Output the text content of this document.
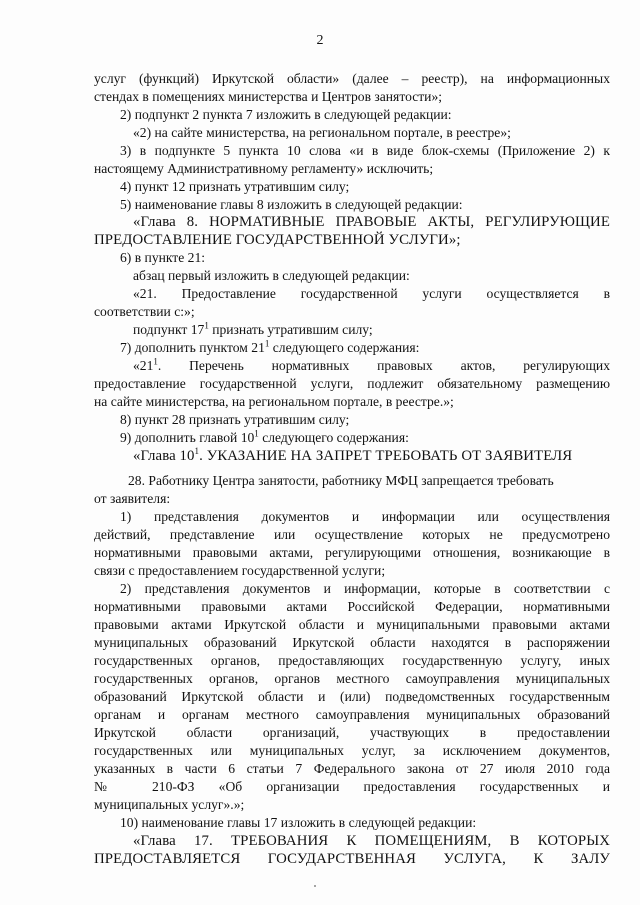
2
услуг (функций) Иркутской области» (далее – реестр), на информационных
стендах в помещениях министерства и Центров занятости»;
2) подпункт 2 пункта 7 изложить в следующей редакции:
«2) на сайте министерства, на региональном портале, в реестре»;
3) в подпункте 5 пункта 10 слова «и в виде блок-схемы (Приложение 2) к
настоящему Административному регламенту» исключить;
4) пункт 12 признать утратившим силу;
5) наименование главы 8 изложить в следующей редакции:
«Глава 8. НОРМАТИВНЫЕ ПРАВОВЫЕ АКТЫ, РЕГУЛИРУЮЩИЕ
ПРЕДОСТАВЛЕНИЕ ГОСУДАРСТВЕННОЙ УСЛУГИ»;
6) в пункте 21:
абзац первый изложить в следующей редакции:
«21. Предоставление государственной услуги осуществляется в
соответствии с:»;
подпункт $17^1$ признать утратившим силу;
7) дополнить пунктом $21^1$ следующего содержания:
«$21^1$. Перечень нормативных правовых актов, регулирующих
предоставление государственной услуги, подлежит обязательному размещению
на сайте министерства, на региональном портале, в реестре.»;
8) пункт 28 признать утратившим силу;
9) дополнить главой $10^1$ следующего содержания:
«Глава $10^1$. УКАЗАНИЕ НА ЗАПРЕТ ТРЕБОВАТЬ ОТ ЗАЯВИТЕЛЯ
28. Работнику Центра занятости, работнику МФЦ запрещается требовать
от заявителя:
1) представления документов и информации или осуществления
действий, представление или осуществление которых не предусмотрено
нормативными правовыми актами, регулирующими отношения, возникающие в
связи с предоставлением государственной услуги;
2) представления документов и информации, которые в соответствии с
нормативными правовыми актами Российской Федерации, нормативными
правовыми актами Иркутской области и муниципальными правовыми актами
муниципальных образований Иркутской области находятся в распоряжении
государственных органов, предоставляющих государственную услугу, иных
государственных органов, органов местного самоуправления муниципальных
образований Иркутской области и (или) подведомственных государственным
органам и органам местного самоуправления муниципальных образований
Иркутской области организаций, участвующих в предоставлении
государственных или муниципальных услуг, за исключением документов,
указанных в части 6 статьи 7 Федерального закона от 27 июля 2010 года
№ 210-ФЗ «Об организации предоставления государственных и
муниципальных услуг».»;
10) наименование главы 17 изложить в следующей редакции:
«Глава 17. ТРЕБОВАНИЯ К ПОМЕЩЕНИЯМ, В КОТОРЫХ
ПРЕДОСТАВЛЯЕТСЯ ГОСУДАРСТВЕННАЯ УСЛУГА, К ЗАЛУ
